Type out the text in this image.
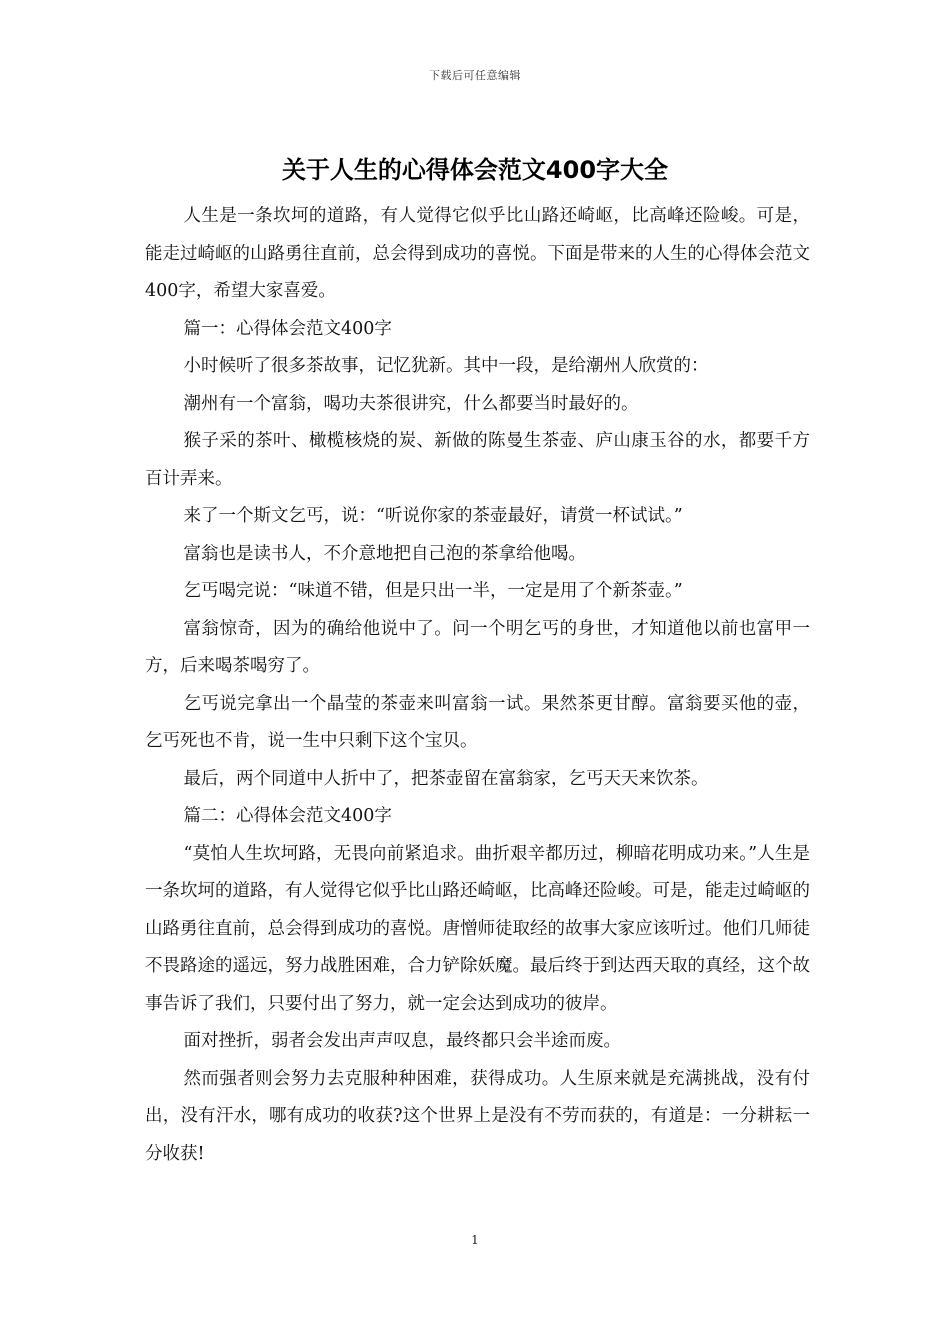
下载后可任意编辑
关于人生的心得体会范文400字大全

人生是一条坎坷的道路，有人觉得它似乎比山路还崎岖，比高峰还险峻。可是，能走过崎岖的山路勇往直前，总会得到成功的喜悦。下面是带来的人生的心得体会范文400字，希望大家喜爱。

篇一：心得体会范文400字

小时候听了很多茶故事，记忆犹新。其中一段，是给潮州人欣赏的：

潮州有一个富翁，喝功夫茶很讲究，什么都要当时最好的。

猴子采的茶叶、橄榄核烧的炭、新做的陈曼生茶壶、庐山康玉谷的水，都要千方百计弄来。

来了一个斯文乞丐，说：“听说你家的茶壶最好，请赏一杯试试。”

富翁也是读书人，不介意地把自己泡的茶拿给他喝。

乞丐喝完说：“味道不错，但是只出一半，一定是用了个新茶壶。”

富翁惊奇，因为的确给他说中了。问一个明乞丐的身世，才知道他以前也富甲一方，后来喝茶喝穷了。

乞丐说完拿出一个晶莹的茶壶来叫富翁一试。果然茶更甘醇。富翁要买他的壶，乞丐死也不肯，说一生中只剩下这个宝贝。

最后，两个同道中人折中了，把茶壶留在富翁家，乞丐天天来饮茶。

篇二：心得体会范文400字

“莫怕人生坎坷路，无畏向前紧追求。曲折艰辛都历过，柳暗花明成功来。”人生是一条坎坷的道路，有人觉得它似乎比山路还崎岖，比高峰还险峻。可是，能走过崎岖的山路勇往直前，总会得到成功的喜悦。唐憎师徒取经的故事大家应该听过。他们几师徒不畏路途的遥远，努力战胜困难，合力铲除妖魔。最后终于到达西天取的真经，这个故事告诉了我们，只要付出了努力，就一定会达到成功的彼岸。

面对挫折，弱者会发出声声叹息，最终都只会半途而废。

然而强者则会努力去克服种种困难，获得成功。人生原来就是充满挑战，没有付出，没有汗水，哪有成功的收获?这个世界上是没有不劳而获的，有道是：一分耕耘一分收获!

1
